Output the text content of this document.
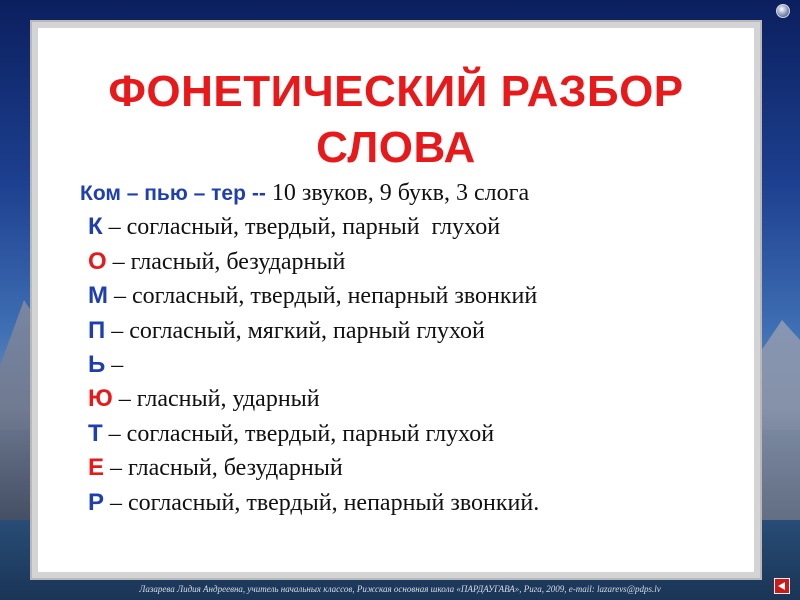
ФОНЕТИЧЕСКИЙ РАЗБОР
СЛОВА
Ком – пью – тер -- 10 звуков, 9 букв, 3 слога
К – согласный, твердый, парный  глухой
О – гласный, безударный
М – согласный, твердый, непарный звонкий
П – согласный, мягкий, парный глухой
Ь –
Ю – гласный, ударный
Т – согласный, твердый, парный глухой
Е – гласный, безударный
Р – согласный, твердый, непарный звонкий.
Лазарева Лидия Андреевна, учитель начальных классов, Рижская основная школа «ПАРДАУГАВА», Рига, 2009, e-mail: lazarevs@pdps.lv
